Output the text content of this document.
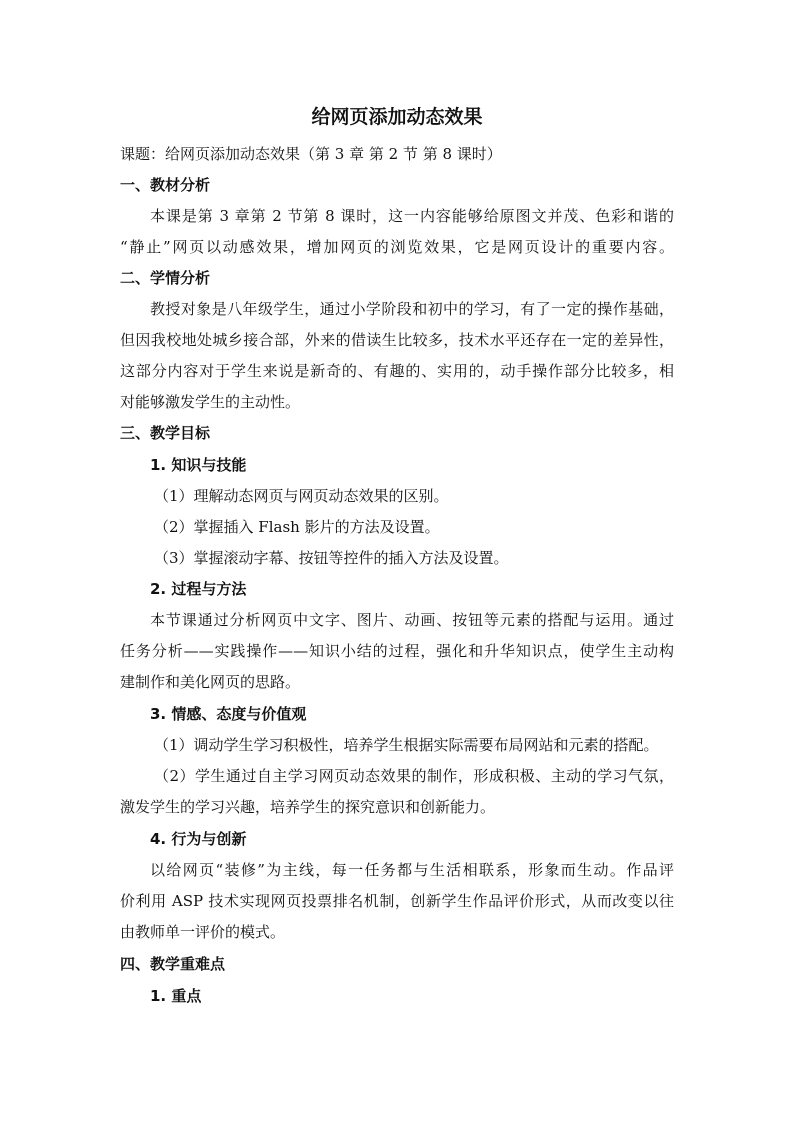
给网页添加动态效果
课题：给网页添加动态效果（第 3 章 第 2 节 第 8 课时）
一、教材分析
本课是第 3 章第 2 节第 8 课时，这一内容能够给原图文并茂、色彩和谐的
“静止”网页以动感效果，增加网页的浏览效果，它是网页设计的重要内容。
二、学情分析
教授对象是八年级学生，通过小学阶段和初中的学习，有了一定的操作基础，
但因我校地处城乡接合部，外来的借读生比较多，技术水平还存在一定的差异性，
这部分内容对于学生来说是新奇的、有趣的、实用的，动手操作部分比较多，相
对能够激发学生的主动性。
三、教学目标
1. 知识与技能
（1）理解动态网页与网页动态效果的区别。
（2）掌握插入 Flash 影片的方法及设置。
（3）掌握滚动字幕、按钮等控件的插入方法及设置。
2. 过程与方法
本节课通过分析网页中文字、图片、动画、按钮等元素的搭配与运用。通过
任务分析——实践操作——知识小结的过程，强化和升华知识点，使学生主动构
建制作和美化网页的思路。
3. 情感、态度与价值观
（1）调动学生学习积极性，培养学生根据实际需要布局网站和元素的搭配。
（2）学生通过自主学习网页动态效果的制作，形成积极、主动的学习气氛，
激发学生的学习兴趣，培养学生的探究意识和创新能力。
4. 行为与创新
以给网页“装修”为主线，每一任务都与生活相联系，形象而生动。作品评
价利用 ASP 技术实现网页投票排名机制，创新学生作品评价形式，从而改变以往
由教师单一评价的模式。
四、教学重难点
1. 重点
